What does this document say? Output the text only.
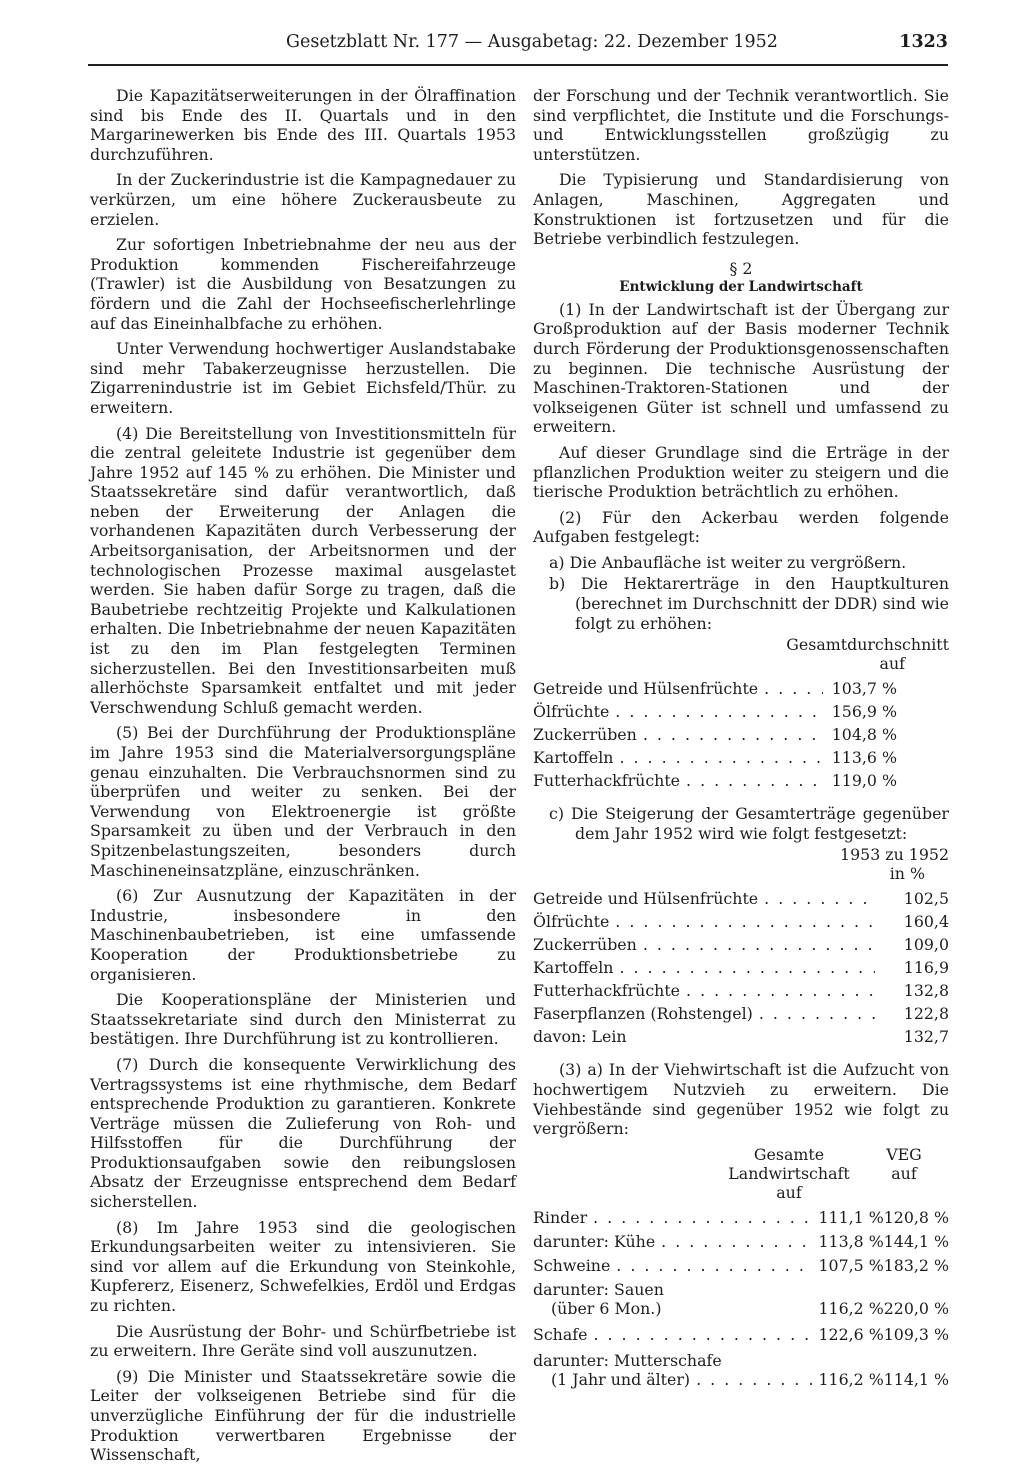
Gesetzblatt Nr. 177 — Ausgabetag: 22. Dezember 1952	1323

Die Kapazitätserweiterungen in der Ölraffination sind bis Ende des II. Quartals und in den Margarinewerken bis Ende des III. Quartals 1953 durchzuführen.

In der Zuckerindustrie ist die Kampagnedauer zu verkürzen, um eine höhere Zuckerausbeute zu erzielen.

Zur sofortigen Inbetriebnahme der neu aus der Produktion kommenden Fischereifahrzeuge (Trawler) ist die Ausbildung von Besatzungen zu fördern und die Zahl der Hochseefischerlehrlinge auf das Eineinhalbfache zu erhöhen.

Unter Verwendung hochwertiger Auslandstabake sind mehr Tabakerzeugnisse herzustellen. Die Zigarrenindustrie ist im Gebiet Eichsfeld/Thür. zu erweitern.

(4) Die Bereitstellung von Investitionsmitteln für die zentral geleitete Industrie ist gegenüber dem Jahre 1952 auf 145 % zu erhöhen. Die Minister und Staatssekretäre sind dafür verantwortlich, daß neben der Erweiterung der Anlagen die vorhandenen Kapazitäten durch Verbesserung der Arbeitsorganisation, der Arbeitsnormen und der technologischen Prozesse maximal ausgelastet werden. Sie haben dafür Sorge zu tragen, daß die Baubetriebe rechtzeitig Projekte und Kalkulationen erhalten. Die Inbetriebnahme der neuen Kapazitäten ist zu den im Plan festgelegten Terminen sicherzustellen. Bei den Investitionsarbeiten muß allerhöchste Sparsamkeit entfaltet und mit jeder Verschwendung Schluß gemacht werden.

(5) Bei der Durchführung der Produktionspläne im Jahre 1953 sind die Materialversorgungspläne genau einzuhalten. Die Verbrauchsnormen sind zu überprüfen und weiter zu senken. Bei der Verwendung von Elektroenergie ist größte Sparsamkeit zu üben und der Verbrauch in den Spitzenbelastungszeiten, besonders durch Maschineneinsatzpläne, einzuschränken.

(6) Zur Ausnutzung der Kapazitäten in der Industrie, insbesondere in den Maschinenbaubetrieben, ist eine umfassende Kooperation der Produktionsbetriebe zu organisieren.

Die Kooperationspläne der Ministerien und Staatssekretariate sind durch den Ministerrat zu bestätigen. Ihre Durchführung ist zu kontrollieren.

(7) Durch die konsequente Verwirklichung des Vertragssystems ist eine rhythmische, dem Bedarf entsprechende Produktion zu garantieren. Konkrete Verträge müssen die Zulieferung von Roh- und Hilfsstoffen für die Durchführung der Produktionsaufgaben sowie den reibungslosen Absatz der Erzeugnisse entsprechend dem Bedarf sicherstellen.

(8) Im Jahre 1953 sind die geologischen Erkundungsarbeiten weiter zu intensivieren. Sie sind vor allem auf die Erkundung von Steinkohle, Kupfererz, Eisenerz, Schwefelkies, Erdöl und Erdgas zu richten.

Die Ausrüstung der Bohr- und Schürfbetriebe ist zu erweitern. Ihre Geräte sind voll auszunutzen.

(9) Die Minister und Staatssekretäre sowie die Leiter der volkseigenen Betriebe sind für die unverzügliche Einführung der für die industrielle Produktion verwertbaren Ergebnisse der Wissenschaft,

der Forschung und der Technik verantwortlich. Sie sind verpflichtet, die Institute und die Forschungs- und Entwicklungsstellen großzügig zu unterstützen.

Die Typisierung und Standardisierung von Anlagen, Maschinen, Aggregaten und Konstruktionen ist fortzusetzen und für die Betriebe verbindlich festzulegen.

§ 2
Entwicklung der Landwirtschaft

(1) In der Landwirtschaft ist der Übergang zur Großproduktion auf der Basis moderner Technik durch Förderung der Produktionsgenossenschaften zu beginnen. Die technische Ausrüstung der Maschinen-Traktoren-Stationen und der volkseigenen Güter ist schnell und umfassend zu erweitern.

Auf dieser Grundlage sind die Erträge in der pflanzlichen Produktion weiter zu steigern und die tierische Produktion beträchtlich zu erhöhen.

(2) Für den Ackerbau werden folgende Aufgaben festgelegt:

a) Die Anbaufläche ist weiter zu vergrößern.
b) Die Hektarerträge in den Hauptkulturen (berechnet im Durchschnitt der DDR) sind wie folgt zu erhöhen:
Gesamtdurchschnitt
auf
Getreide und Hülsenfrüchte . . .	103,7 %
Ölfrüchte . . .	156,9 %
Zuckerrüben . . .	104,8 %
Kartoffeln . . .	113,6 %
Futterhackfrüchte . . .	119,0 %
c) Die Steigerung der Gesamterträge gegenüber dem Jahr 1952 wird wie folgt festgesetzt:
1953 zu 1952
in %
Getreide und Hülsenfrüchte . . .	102,5
Ölfrüchte . . .	160,4
Zuckerrüben . . .	109,0
Kartoffeln . . .	116,9
Futterhackfrüchte . . .	132,8
Faserpflanzen (Rohstengel) . . .	122,8
davon: Lein	132,7

(3) a) In der Viehwirtschaft ist die Aufzucht von hochwertigem Nutzvieh zu erweitern. Die Viehbestände sind gegenüber 1952 wie folgt zu vergrößern:

Gesamte
Landwirtschaft
auf
VEG
auf
Rinder . . .	111,1 % 120,8 %
darunter: Kühe . . .	113,8 % 144,1 %
Schweine . . .	107,5 % 183,2 %
darunter: Sauen
(über 6 Mon.)	116,2 % 220,0 %
Schafe . . .	122,6 % 109,3 %
darunter: Mutterschafe
(1 Jahr und älter) . . .	116,2 % 114,1 %
